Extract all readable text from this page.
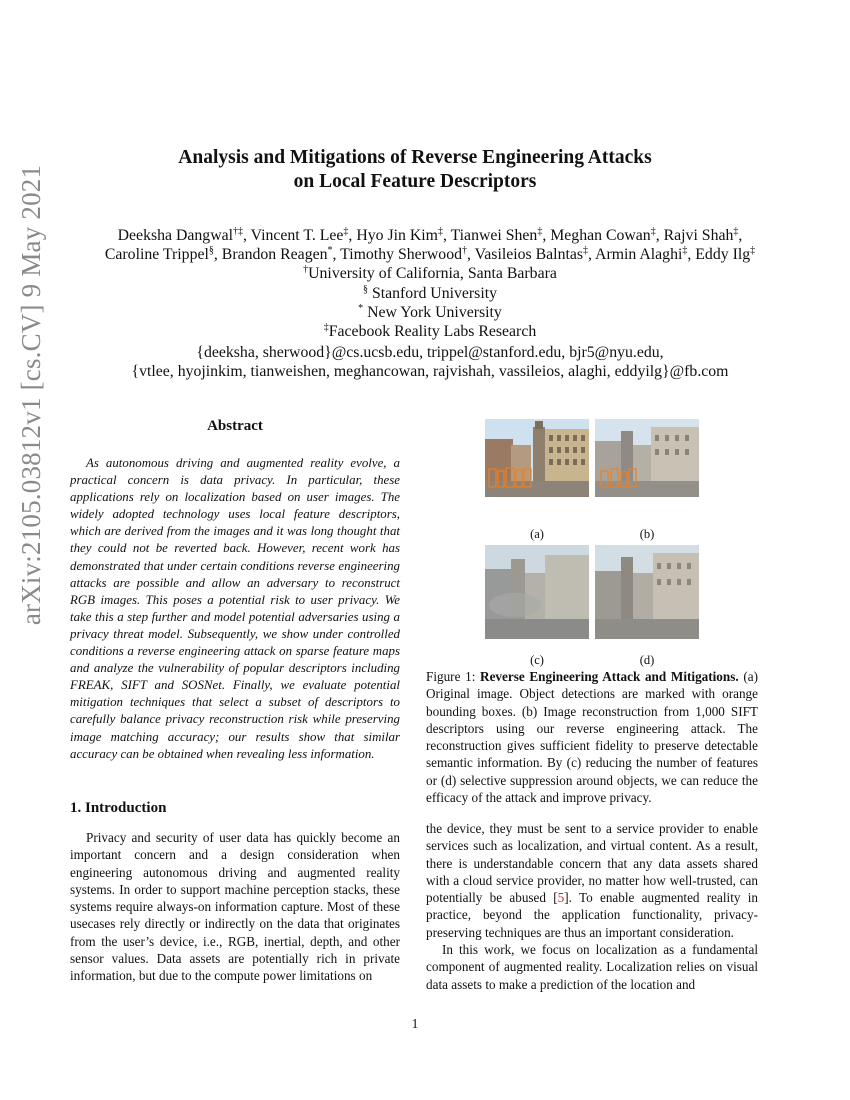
arXiv:2105.03812v1 [cs.CV] 9 May 2021
Analysis and Mitigations of Reverse Engineering Attacks
on Local Feature Descriptors
Deeksha Dangwal†‡, Vincent T. Lee‡, Hyo Jin Kim‡, Tianwei Shen‡, Meghan Cowan‡, Rajvi Shah‡,
Caroline Trippel§, Brandon Reagen*, Timothy Sherwood†, Vasileios Balntas‡, Armin Alaghi‡, Eddy Ilg‡
†University of California, Santa Barbara
§ Stanford University
* New York University
‡Facebook Reality Labs Research
{deeksha, sherwood}@cs.ucsb.edu, trippel@stanford.edu, bjr5@nyu.edu,
{vtlee, hyojinkim, tianweishen, meghancowan, rajvishah, vassileios, alaghi, eddyilg}@fb.com
Abstract

As autonomous driving and augmented reality evolve, a practical concern is data privacy. In particular, these applications rely on localization based on user images. The widely adopted technology uses local feature descriptors, which are derived from the images and it was long thought that they could not be reverted back. However, recent work has demonstrated that under certain conditions reverse engineering attacks are possible and allow an adversary to reconstruct RGB images. This poses a potential risk to user privacy. We take this a step further and model potential adversaries using a privacy threat model. Subsequently, we show under controlled conditions a reverse engineering attack on sparse feature maps and analyze the vulnerability of popular descriptors including FREAK, SIFT and SOSNet. Finally, we evaluate potential mitigation techniques that select a subset of descriptors to carefully balance privacy reconstruction risk while preserving image matching accuracy; our results show that similar accuracy can be obtained when revealing less information.

1. Introduction

Privacy and security of user data has quickly become an important concern and a design consideration when engineering autonomous driving and augmented reality systems. In order to support machine perception stacks, these systems require always-on information capture. Most of these usecases rely directly or indirectly on the data that originates from the user’s device, i.e., RGB, inertial, depth, and other sensor values. Data assets are potentially rich in private information, but due to the compute power limitations on

(a)	(b)
(c)	(d)
Figure 1: Reverse Engineering Attack and Mitigations. (a) Original image. Object detections are marked with orange bounding boxes. (b) Image reconstruction from 1,000 SIFT descriptors using our reverse engineering attack. The reconstruction gives sufficient fidelity to preserve detectable semantic information. By (c) reducing the number of features or (d) selective suppression around objects, we can reduce the efficacy of the attack and improve privacy.

the device, they must be sent to a service provider to enable services such as localization, and virtual content. As a result, there is understandable concern that any data assets shared with a cloud service provider, no matter how well-trusted, can potentially be abused [5]. To enable augmented reality in practice, beyond the application functionality, privacy-preserving techniques are thus an important consideration.

In this work, we focus on localization as a fundamental component of augmented reality. Localization relies on visual data assets to make a prediction of the location and

1
